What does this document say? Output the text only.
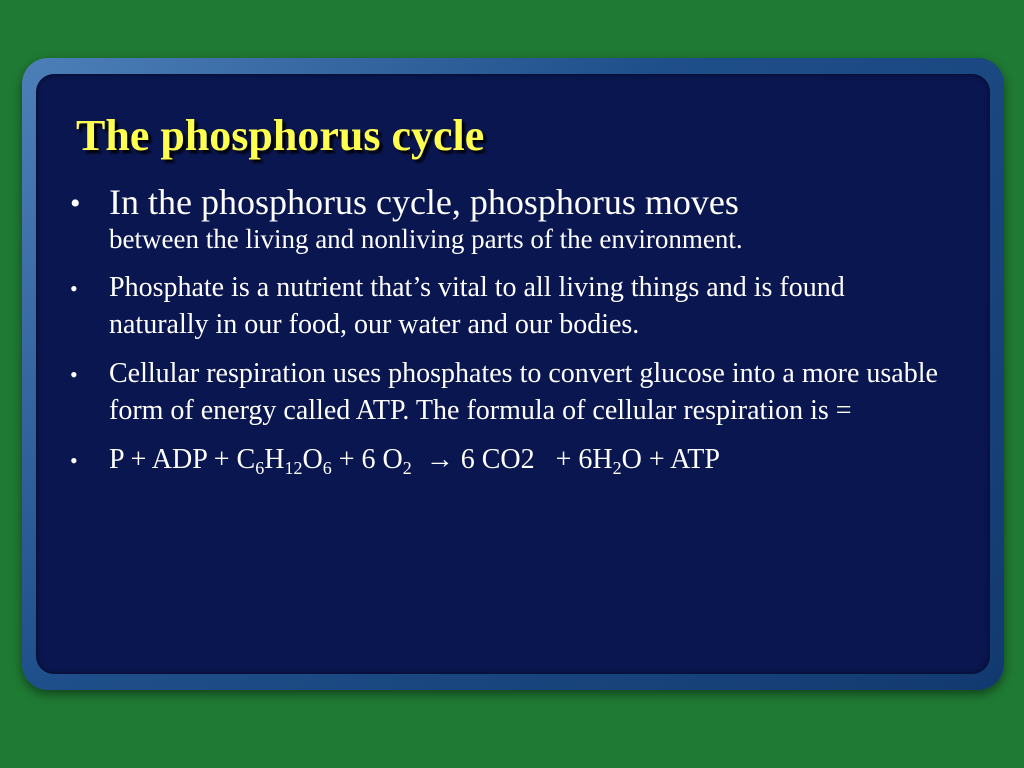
The phosphorus cycle
• In the phosphorus cycle, phosphorus moves
between the living and nonliving parts of the environment.
• Phosphate is a nutrient that’s vital to all living things and is found naturally in our food, our water and our bodies.
• Cellular respiration uses phosphates to convert glucose into a more usable form of energy called ATP. The formula of cellular respiration is =
• P + ADP + $C_6H_{12}O_6 + 6$ $O_2 \to 6$ $CO2 + 6H_2O$ + ATP
